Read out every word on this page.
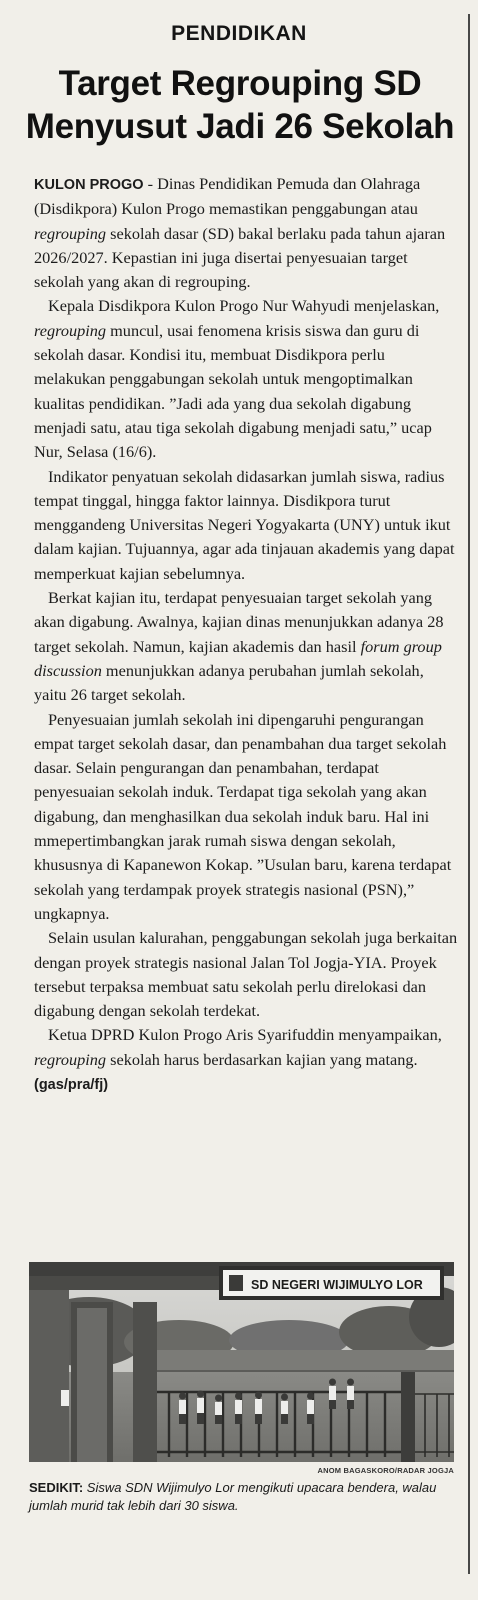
PENDIDIKAN
Target Regrouping SD
Menyusut Jadi 26 Sekolah

KULON PROGO - Dinas Pendidikan Pemuda dan Olahraga (Disdikpora) Kulon Progo memastikan penggabungan atau regrouping sekolah dasar (SD) bakal berlaku pada tahun ajaran 2026/2027. Kepastian ini juga disertai penyesuaian target sekolah yang akan di regrouping.

Kepala Disdikpora Kulon Progo Nur Wahyudi menjelaskan, regrouping muncul, usai fenomena krisis siswa dan guru di sekolah dasar. Kondisi itu, membuat Disdikpora perlu melakukan penggabungan sekolah untuk mengoptimalkan kualitas pendidikan. ”Jadi ada yang dua sekolah digabung menjadi satu, atau tiga sekolah digabung menjadi satu,” ucap Nur, Selasa (16/6).

Indikator penyatuan sekolah didasarkan jumlah siswa, radius tempat tinggal, hingga faktor lainnya. Disdikpora turut menggandeng Universitas Negeri Yogyakarta (UNY) untuk ikut dalam kajian. Tujuannya, agar ada tinjauan akademis yang dapat memperkuat kajian sebelumnya.

Berkat kajian itu, terdapat penyesuaian target sekolah yang akan digabung. Awalnya, kajian dinas menunjukkan adanya 28 target sekolah. Namun, kajian akademis dan hasil forum group discussion menunjukkan adanya perubahan jumlah sekolah, yaitu 26 target sekolah.

Penyesuaian jumlah sekolah ini dipengaruhi pengurangan empat target sekolah dasar, dan penambahan dua target sekolah dasar. Selain pengurangan dan penambahan, terdapat penyesuaian sekolah induk. Terdapat tiga sekolah yang akan digabung, dan menghasilkan dua sekolah induk baru. Hal ini mmepertimbangkan jarak rumah siswa dengan sekolah, khususnya di Kapanewon Kokap. ”Usulan baru, karena terdapat sekolah yang terdampak proyek strategis nasional (PSN),” ungkapnya.

Selain usulan kalurahan, penggabungan sekolah juga berkaitan dengan proyek strategis nasional Jalan Tol Jogja-YIA. Proyek tersebut terpaksa membuat satu sekolah perlu direlokasi dan digabung dengan sekolah terdekat.

Ketua DPRD Kulon Progo Aris Syarifuddin menyampaikan, regrouping sekolah harus berdasarkan kajian yang matang. (gas/pra/fj)

SD NEGERI WIJIMULYO LOR
ANOM BAGASKORO/RADAR JOGJA
SEDIKIT: Siswa SDN Wijimulyo Lor mengikuti upacara bendera, walau jumlah murid tak lebih dari 30 siswa.
